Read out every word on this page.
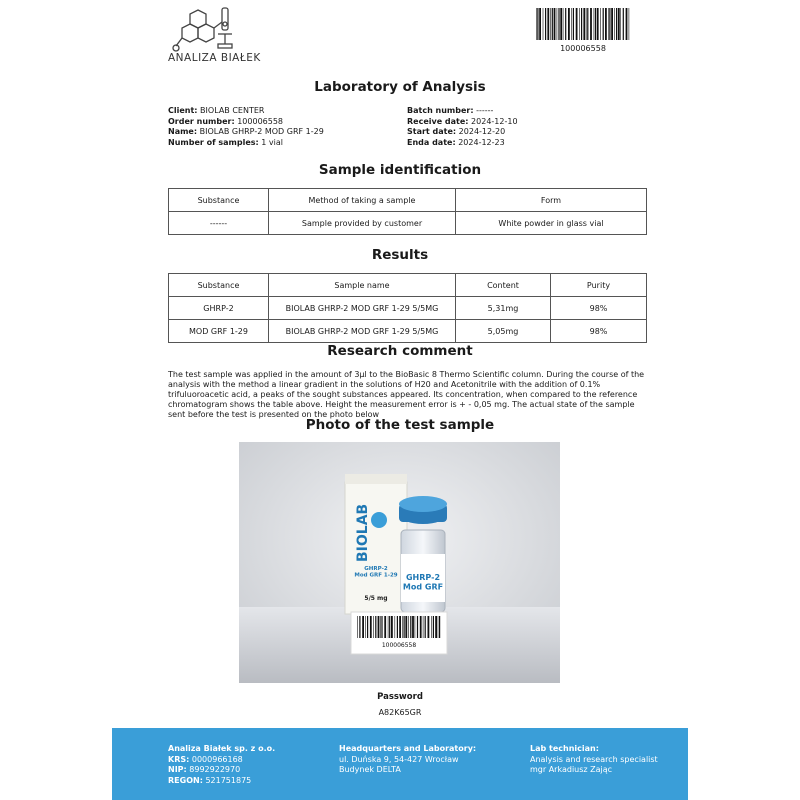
ANALIZA BIAŁEK
100006558
Laboratory of Analysis
Client: BIOLAB CENTER
Order number: 100006558
Name: BIOLAB GHRP-2 MOD GRF 1-29
Number of samples: 1 vial
Batch number: ------
Receive date: 2024-12-10
Start date: 2024-12-20
Enda date: 2024-12-23
Sample identification
Substance	Method of taking a sample	Form
------	Sample provided by customer	White powder in glass vial
Results
Substance	Sample name	Content	Purity
GHRP-2	BIOLAB GHRP-2 MOD GRF 1-29 5/5MG	5,31mg	98%
MOD GRF 1-29	BIOLAB GHRP-2 MOD GRF 1-29 5/5MG	5,05mg	98%
Research comment
The test sample was applied in the amount of 3µl to the BioBasic 8 Thermo Scientific column. During the course of the analysis with the method a linear gradient in the solutions of H20 and Acetonitrile with the addition of 0.1% trifuluoroacetic acid, a peaks of the sought substances appeared. Its concentration, when compared to the reference chromatogram shows the table above. Height the measurement error is + - 0,05 mg. The actual state of the sample sent before the test is presented on the photo below
Photo of the test sample
BIOLAB
GHRP-2 Mod GRF 1-29
5/5 mg
GHRP-2 Mod GRF
100006558
Password
A82K65GR
Analiza Białek sp. z o.o.
KRS: 0000966168
NIP: 8992922970
REGON: 521751875
Headquarters and Laboratory:
ul. Duńska 9, 54-427 Wrocław
Budynek DELTA
Lab technician:
Analysis and research specialist
mgr Arkadiusz Zając
